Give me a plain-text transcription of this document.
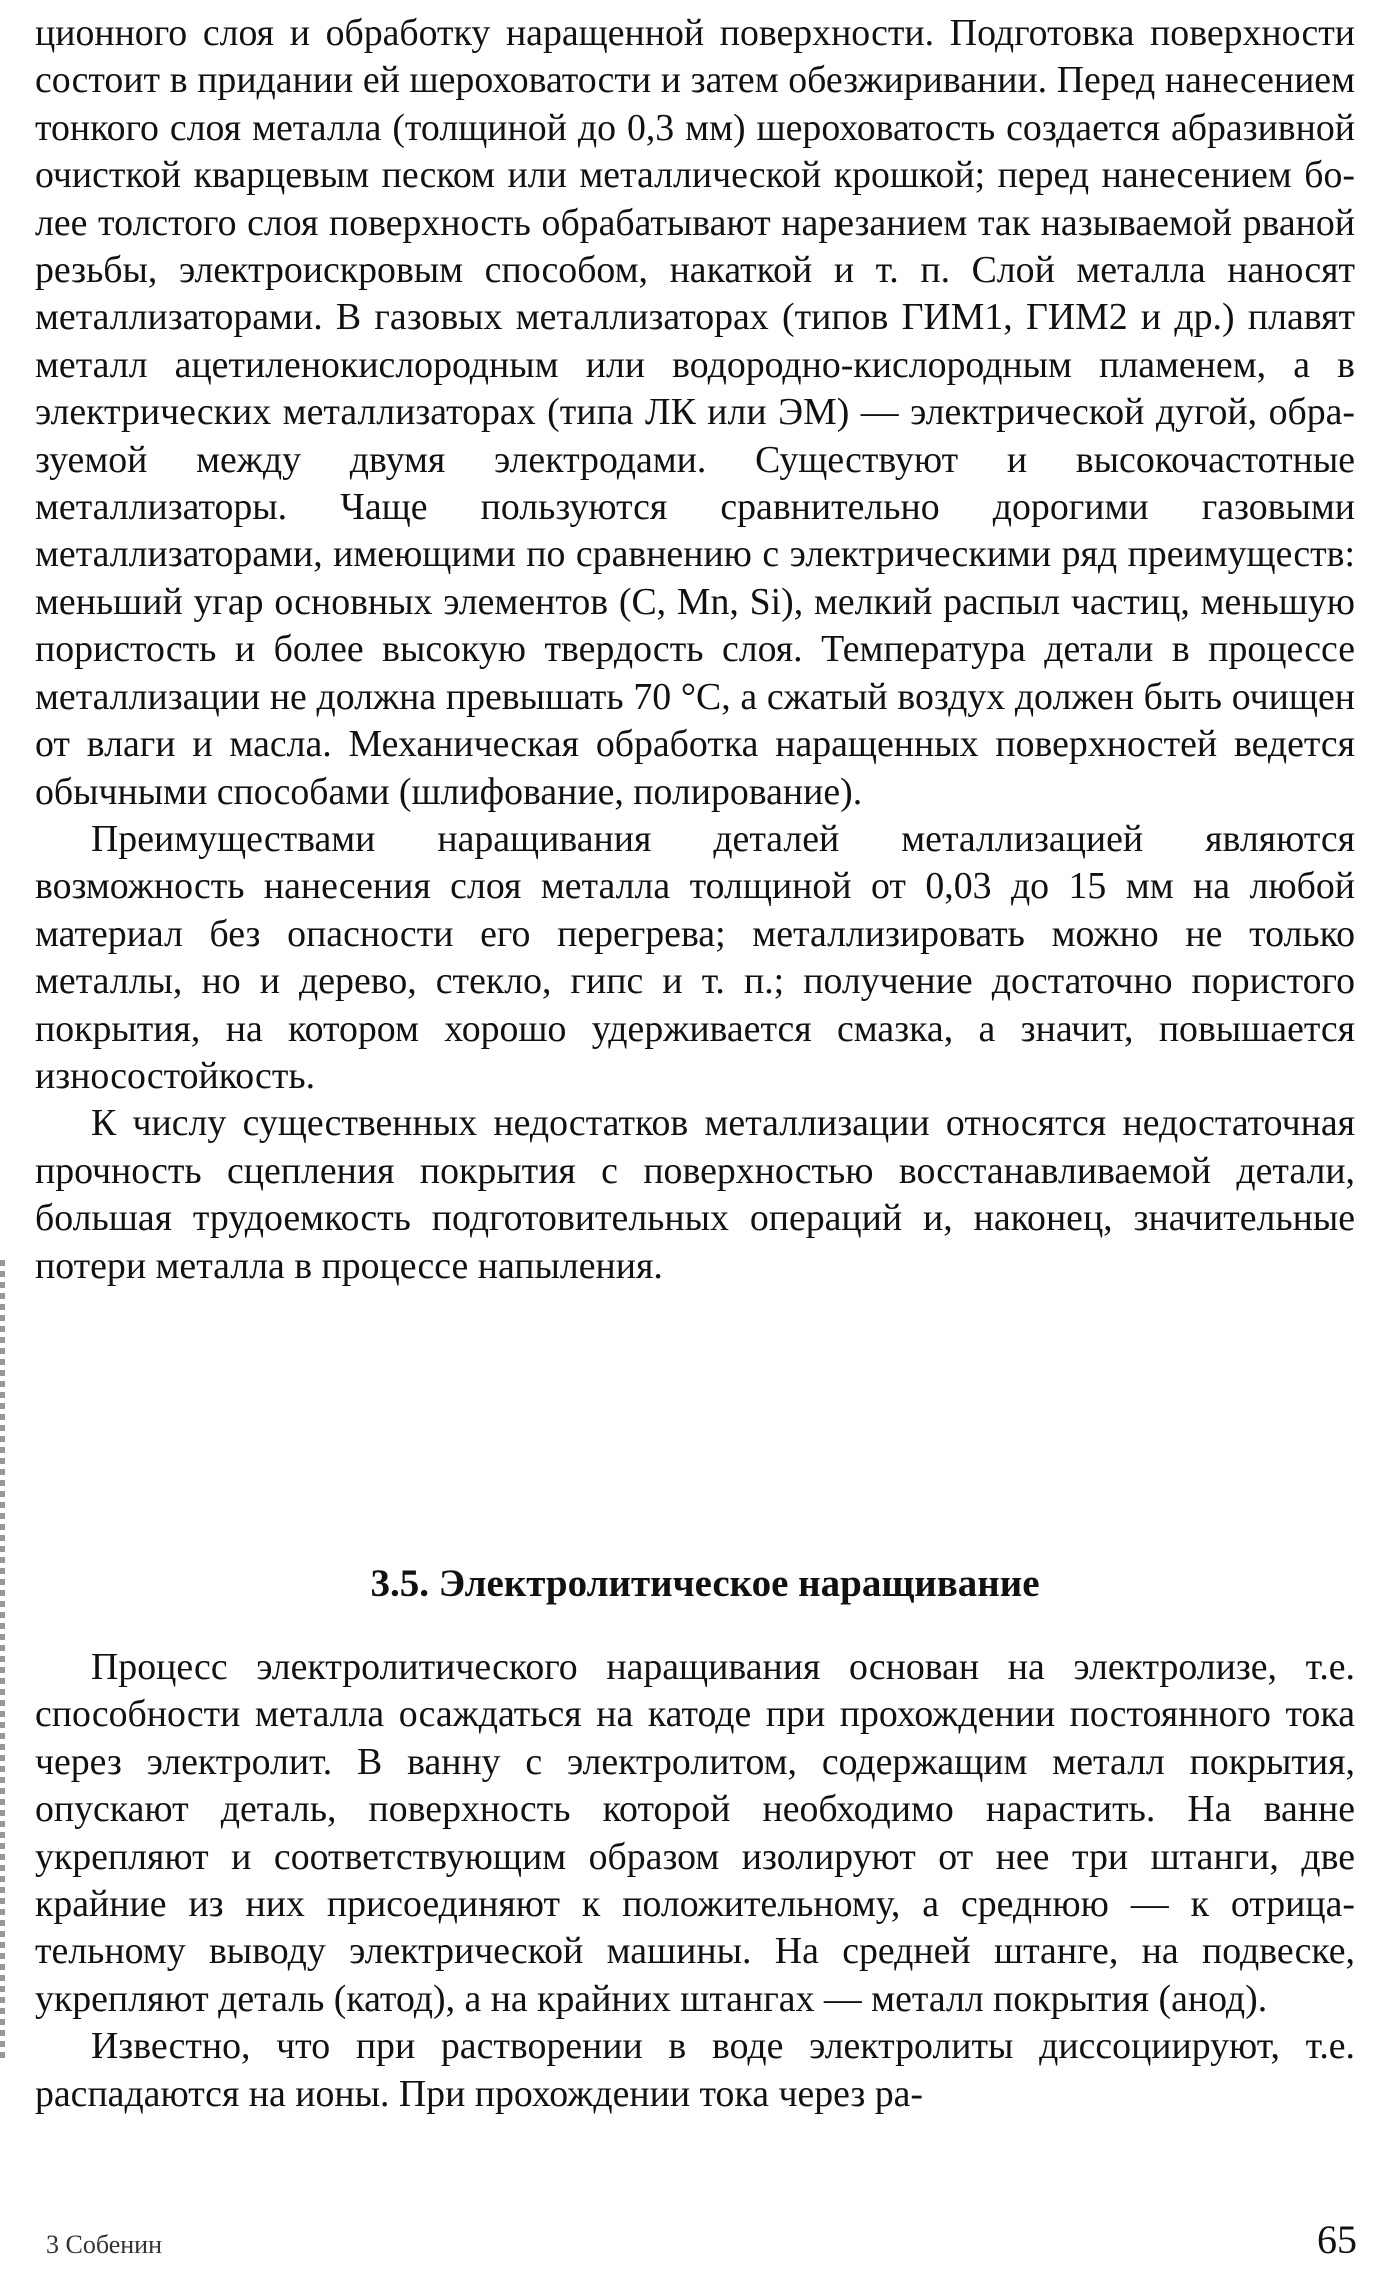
ционного слоя и обработку наращенной поверхности. Подготовка поверхности состоит в придании ей шероховатости и затем обезжиривании. Перед нанесением тонкого слоя металла (толщиной до 0,3 мм) шероховатость создается абразивной очисткой кварцевым песком или металлической крошкой; перед нанесением более толстого слоя поверхность обрабатывают нарезанием так называемой рваной резьбы, электроискровым способом, накаткой и т. п. Слой металла наносят металлизаторами. В газовых металлизаторах (типов ГИМ1, ГИМ2 и др.) плавят металл ацетиленокислородным или водородно-кислородным пламенем, а в электрических металлизаторах (типа ЛК или ЭМ) — электрической дугой, образуемой между двумя электродами. Существуют и высокочастотные металлизаторы. Чаще пользуются сравнительно дорогими газовыми металлизаторами, имеющими по сравнению с электрическими ряд преимуществ: меньший угар основных элементов (С, Mn, Si), мелкий распыл частиц, меньшую пористость и более высокую твердость слоя. Температура детали в процессе металлизации не должна превышать 70 °С, а сжатый воздух должен быть очищен от влаги и масла. Механическая обработка наращенных поверхностей ведется обычными способами (шлифование, полирование).

Преимуществами наращивания деталей металлизацией являются возможность нанесения слоя металла толщиной от 0,03 до 15 мм на любой материал без опасности его перегрева; металлизировать можно не только металлы, но и дерево, стекло, гипс и т. п.; получение достаточно пористого покрытия, на котором хорошо удерживается смазка, а значит, повышается износостойкость.

К числу существенных недостатков металлизации относятся недостаточная прочность сцепления покрытия с поверхностью восстанавливаемой детали, большая трудоемкость подготовительных операций и, наконец, значительные потери металла в процессе напыления.

3.5. Электролитическое наращивание

Процесс электролитического наращивания основан на электролизе, т.е. способности металла осаждаться на катоде при прохождении постоянного тока через электролит. В ванну с электролитом, содержащим металл покрытия, опускают деталь, поверхность которой необходимо нарастить. На ванне укрепляют и соответствующим образом изолируют от нее три штанги, две крайние из них присоединяют к положительному, а среднюю — к отрицательному выводу электрической машины. На средней штанге, на подвеске, укрепляют деталь (катод), а на крайних штангах — металл покрытия (анод).

Известно, что при растворении в воде электролиты диссоциируют, т.е. распадаются на ионы. При прохождении тока через ра-

3 Собенин	65
